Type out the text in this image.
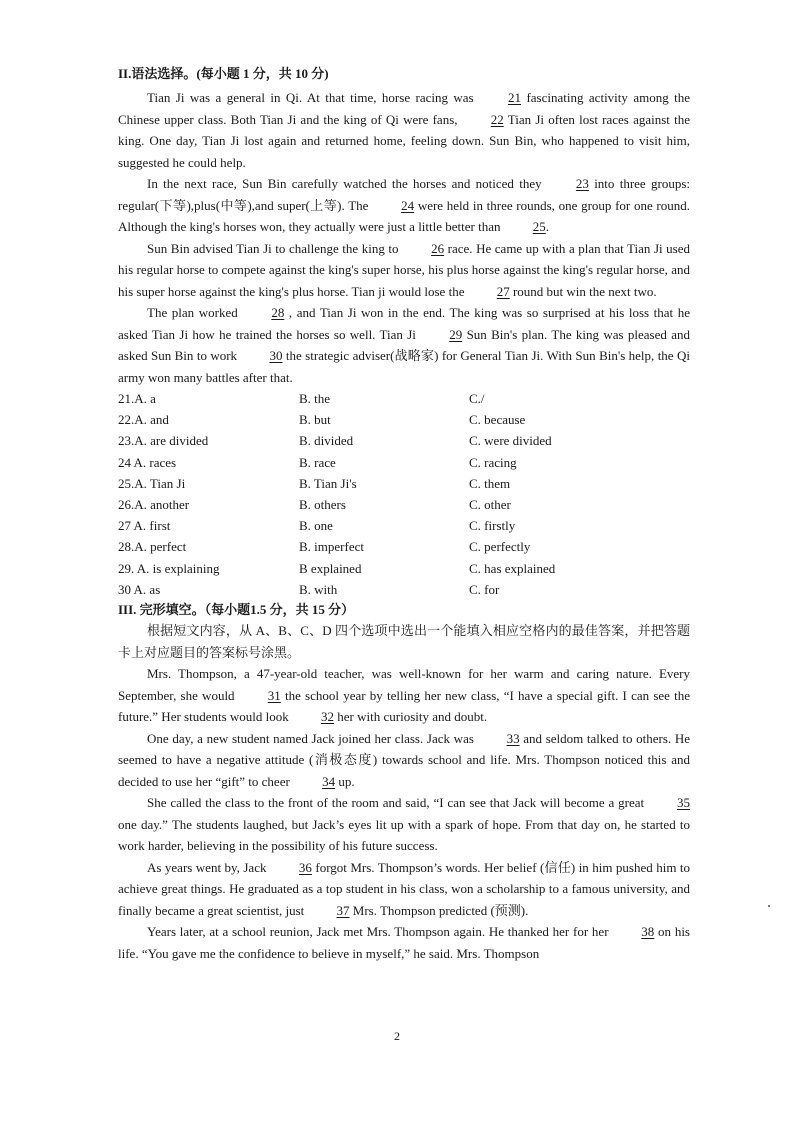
II.语法选择。(每小题 1 分，共 10 分)

Tian Ji was a general in Qi. At that time, horse racing was 21 fascinating activity among the Chinese upper class. Both Tian Ji and the king of Qi were fans, 22 Tian Ji often lost races against the king. One day, Tian Ji lost again and returned home, feeling down. Sun Bin, who happened to visit him, suggested he could help.

In the next race, Sun Bin carefully watched the horses and noticed they 23 into three groups: regular(下等),plus(中等),and super(上等). The 24 were held in three rounds, one group for one round. Although the king's horses won, they actually were just a little better than 25.

Sun Bin advised Tian Ji to challenge the king to 26 race. He came up with a plan that Tian Ji used his regular horse to compete against the king's super horse, his plus horse against the king's regular horse, and his super horse against the king's plus horse. Tian ji would lose the 27 round but win the next two.

The plan worked 28 , and Tian Ji won in the end. The king was so surprised at his loss that he asked Tian Ji how he trained the horses so well. Tian Ji 29 Sun Bin's plan. The king was pleased and asked Sun Bin to work 30 the strategic adviser(战略家) for General Tian Ji. With Sun Bin's help, the Qi army won many battles after that.

21.A. a	B. the	C./
22.A. and	B. but	C. because
23.A. are divided	B. divided	C. were divided
24 A. races	B. race	C. racing
25.A. Tian Ji	B. Tian Ji's	C. them
26.A. another	B. others	C. other
27 A. first	B. one	C. firstly
28.A. perfect	B. imperfect	C. perfectly
29. A. is explaining	B explained	C. has explained
30 A. as	B. with	C. for

III. 完形填空。（每小题1.5 分，共 15 分）

根据短文内容，从 A、B、C、D 四个选项中选出一个能填入相应空格内的最佳答案，并把答题卡上对应题目的答案标号涂黑。

Mrs. Thompson, a 47-year-old teacher, was well-known for her warm and caring nature. Every September, she would 31 the school year by telling her new class, “I have a special gift. I can see the future.” Her students would look 32 her with curiosity and doubt.

One day, a new student named Jack joined her class. Jack was 33 and seldom talked to others. He seemed to have a negative attitude (消极态度) towards school and life. Mrs. Thompson noticed this and decided to use her “gift” to cheer 34 up.

She called the class to the front of the room and said, “I can see that Jack will become a great 35 one day.” The students laughed, but Jack’s eyes lit up with a spark of hope. From that day on, he started to work harder, believing in the possibility of his future success.

As years went by, Jack 36 forgot Mrs. Thompson’s words. Her belief (信任) in him pushed him to achieve great things. He graduated as a top student in his class, won a scholarship to a famous university, and finally became a great scientist, just 37 Mrs. Thompson predicted (预测).

Years later, at a school reunion, Jack met Mrs. Thompson again. He thanked her for her 38 on his life. “You gave me the confidence to believe in myself,” he said. Mrs. Thompson

2
